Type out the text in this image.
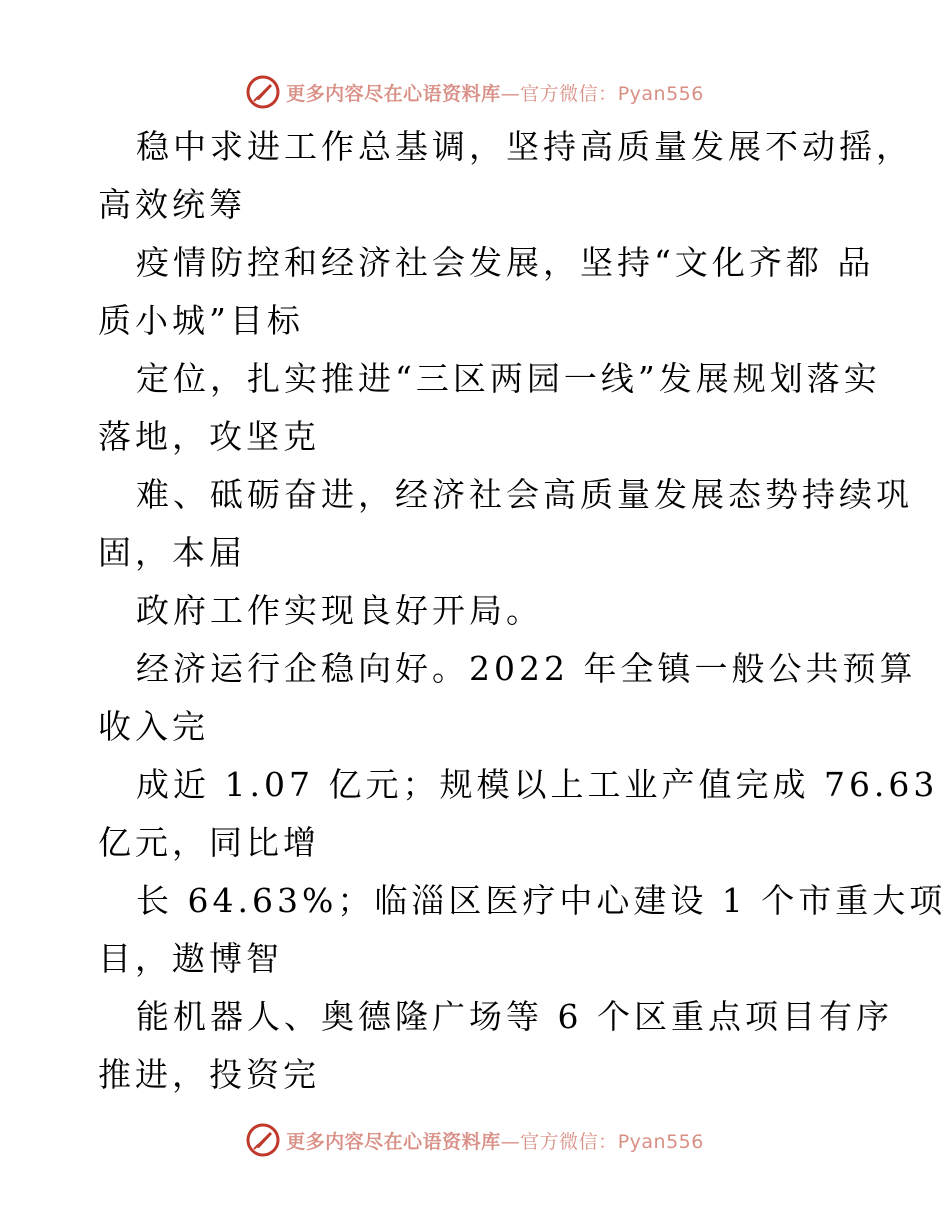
更多内容尽在心语资料库—官方微信：Pyan556

稳中求进工作总基调，坚持高质量发展不动摇，

高效统筹

疫情防控和经济社会发展，坚持“文化齐都 品

质小城”目标

定位，扎实推进“三区两园一线”发展规划落实

落地，攻坚克

难、砥砺奋进，经济社会高质量发展态势持续巩

固，本届

政府工作实现良好开局。

经济运行企稳向好。2022 年全镇一般公共预算

收入完

成近 1.07 亿元；规模以上工业产值完成 76.63

亿元，同比增

长 64.63%；临淄区医疗中心建设 1 个市重大项

目，遨博智

能机器人、奥德隆广场等 6 个区重点项目有序

推进，投资完

更多内容尽在心语资料库—官方微信：Pyan556
